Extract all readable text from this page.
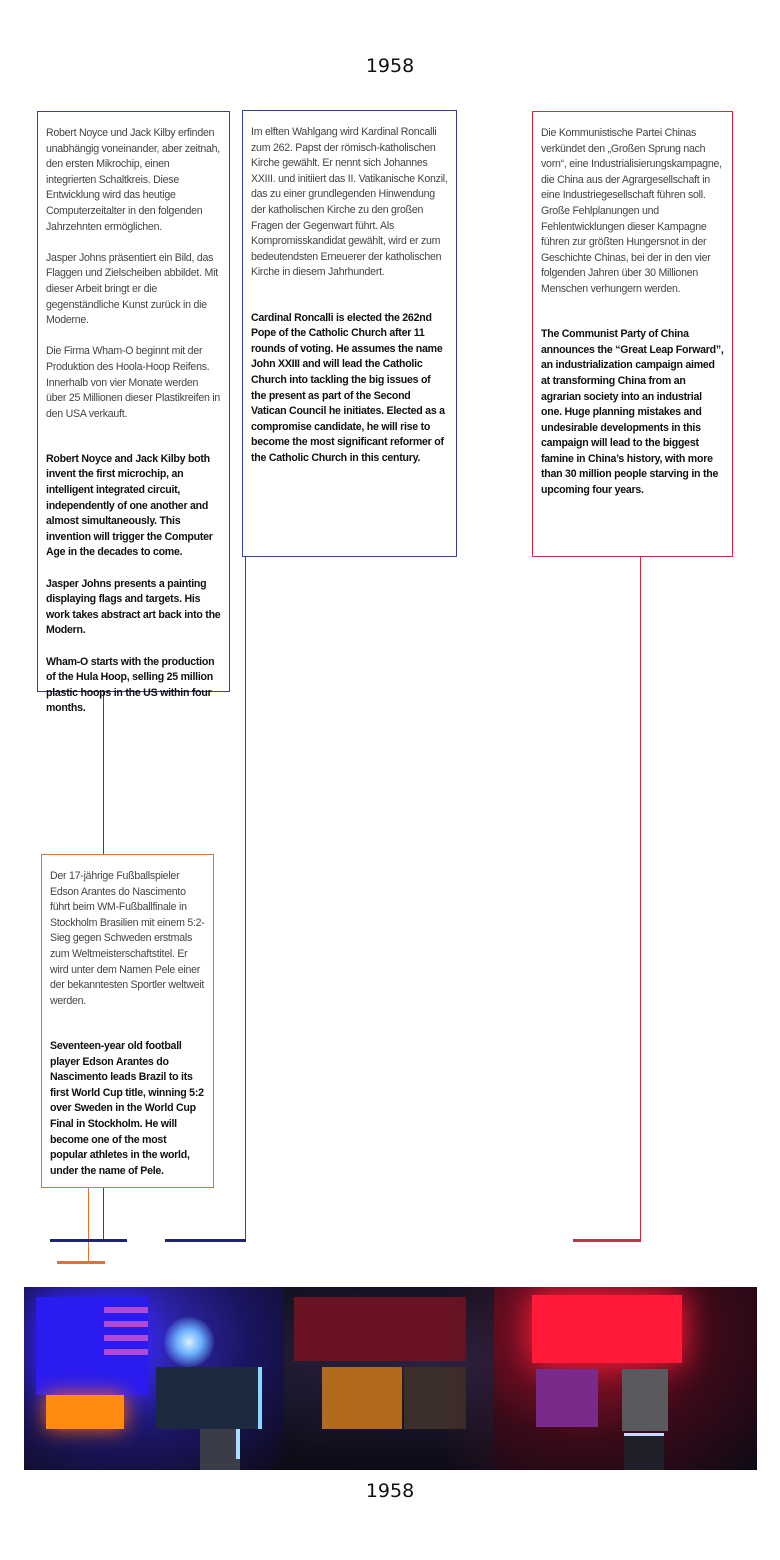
1958

Robert Noyce und Jack Kilby erfinden unabhängig voneinander, aber zeitnah, den ersten Mikrochip, einen integrierten Schaltkreis. Diese Entwicklung wird das heutige Computerzeitalter in den folgenden Jahrzehnten ermöglichen.

Jasper Johns präsentiert ein Bild, das Flaggen und Zielscheiben abbildet. Mit dieser Arbeit bringt er die gegenständliche Kunst zurück in die Moderne.

Die Firma Wham-O beginnt mit der Produktion des Hoola-Hoop Reifens. Innerhalb von vier Monate werden über 25 Millionen dieser Plastikreifen in den USA verkauft.

Robert Noyce and Jack Kilby both invent the first microchip, an intelligent integrated circuit, independently of one another and almost simultaneously. This invention will trigger the Computer Age in the decades to come.

Jasper Johns presents a painting displaying flags and targets. His work takes abstract art back into the Modern.

Wham-O starts with the production of the Hula Hoop, selling 25 million plastic hoops in the US within four months.

Im elften Wahlgang wird Kardinal Roncalli zum 262. Papst der römisch-katholischen Kirche gewählt. Er nennt sich Johannes XXIII. und initiiert das II. Vatikanische Konzil, das zu einer grundlegenden Hinwendung der katholischen Kirche zu den großen Fragen der Gegenwart führt. Als Kompromisskandidat gewählt, wird er zum bedeutendsten Erneuerer der katholischen Kirche in diesem Jahrhundert.

Cardinal Roncalli is elected the 262nd Pope of the Catholic Church after 11 rounds of voting. He assumes the name John XXIII and will lead the Catholic Church into tackling the big issues of the present as part of the Second Vatican Council he initiates. Elected as a compromise candidate, he will rise to become the most significant reformer of the Catholic Church in this century.

Die Kommunistische Partei Chinas verkündet den „Großen Sprung nach vorn“, eine Industrialisierungskampagne, die China aus der Agrargesellschaft in eine Industriegesellschaft führen soll. Große Fehlplanungen und Fehlentwicklungen dieser Kampagne führen zur größten Hungersnot in der Geschichte Chinas, bei der in den vier folgenden Jahren über 30 Millionen Menschen verhungern werden.

The Communist Party of China announces the “Great Leap Forward”, an industrialization campaign aimed at transforming China from an agrarian society into an industrial one. Huge planning mistakes and undesirable developments in this campaign will lead to the biggest famine in China’s history, with more than 30 million people starving in the upcoming four years.

Der 17-jährige Fußballspieler Edson Arantes do Nascimento führt beim WM-Fußballfinale in Stockholm Brasilien mit einem 5:2-Sieg gegen Schweden erstmals zum Weltmeisterschaftstitel. Er wird unter dem Namen Pele einer der bekanntesten Sportler weltweit werden.

Seventeen-year old football player Edson Arantes do Nascimento leads Brazil to its first World Cup title, winning 5:2 over Sweden in the World Cup Final in Stockholm. He will become one of the most popular athletes in the world, under the name of Pele.

1958
